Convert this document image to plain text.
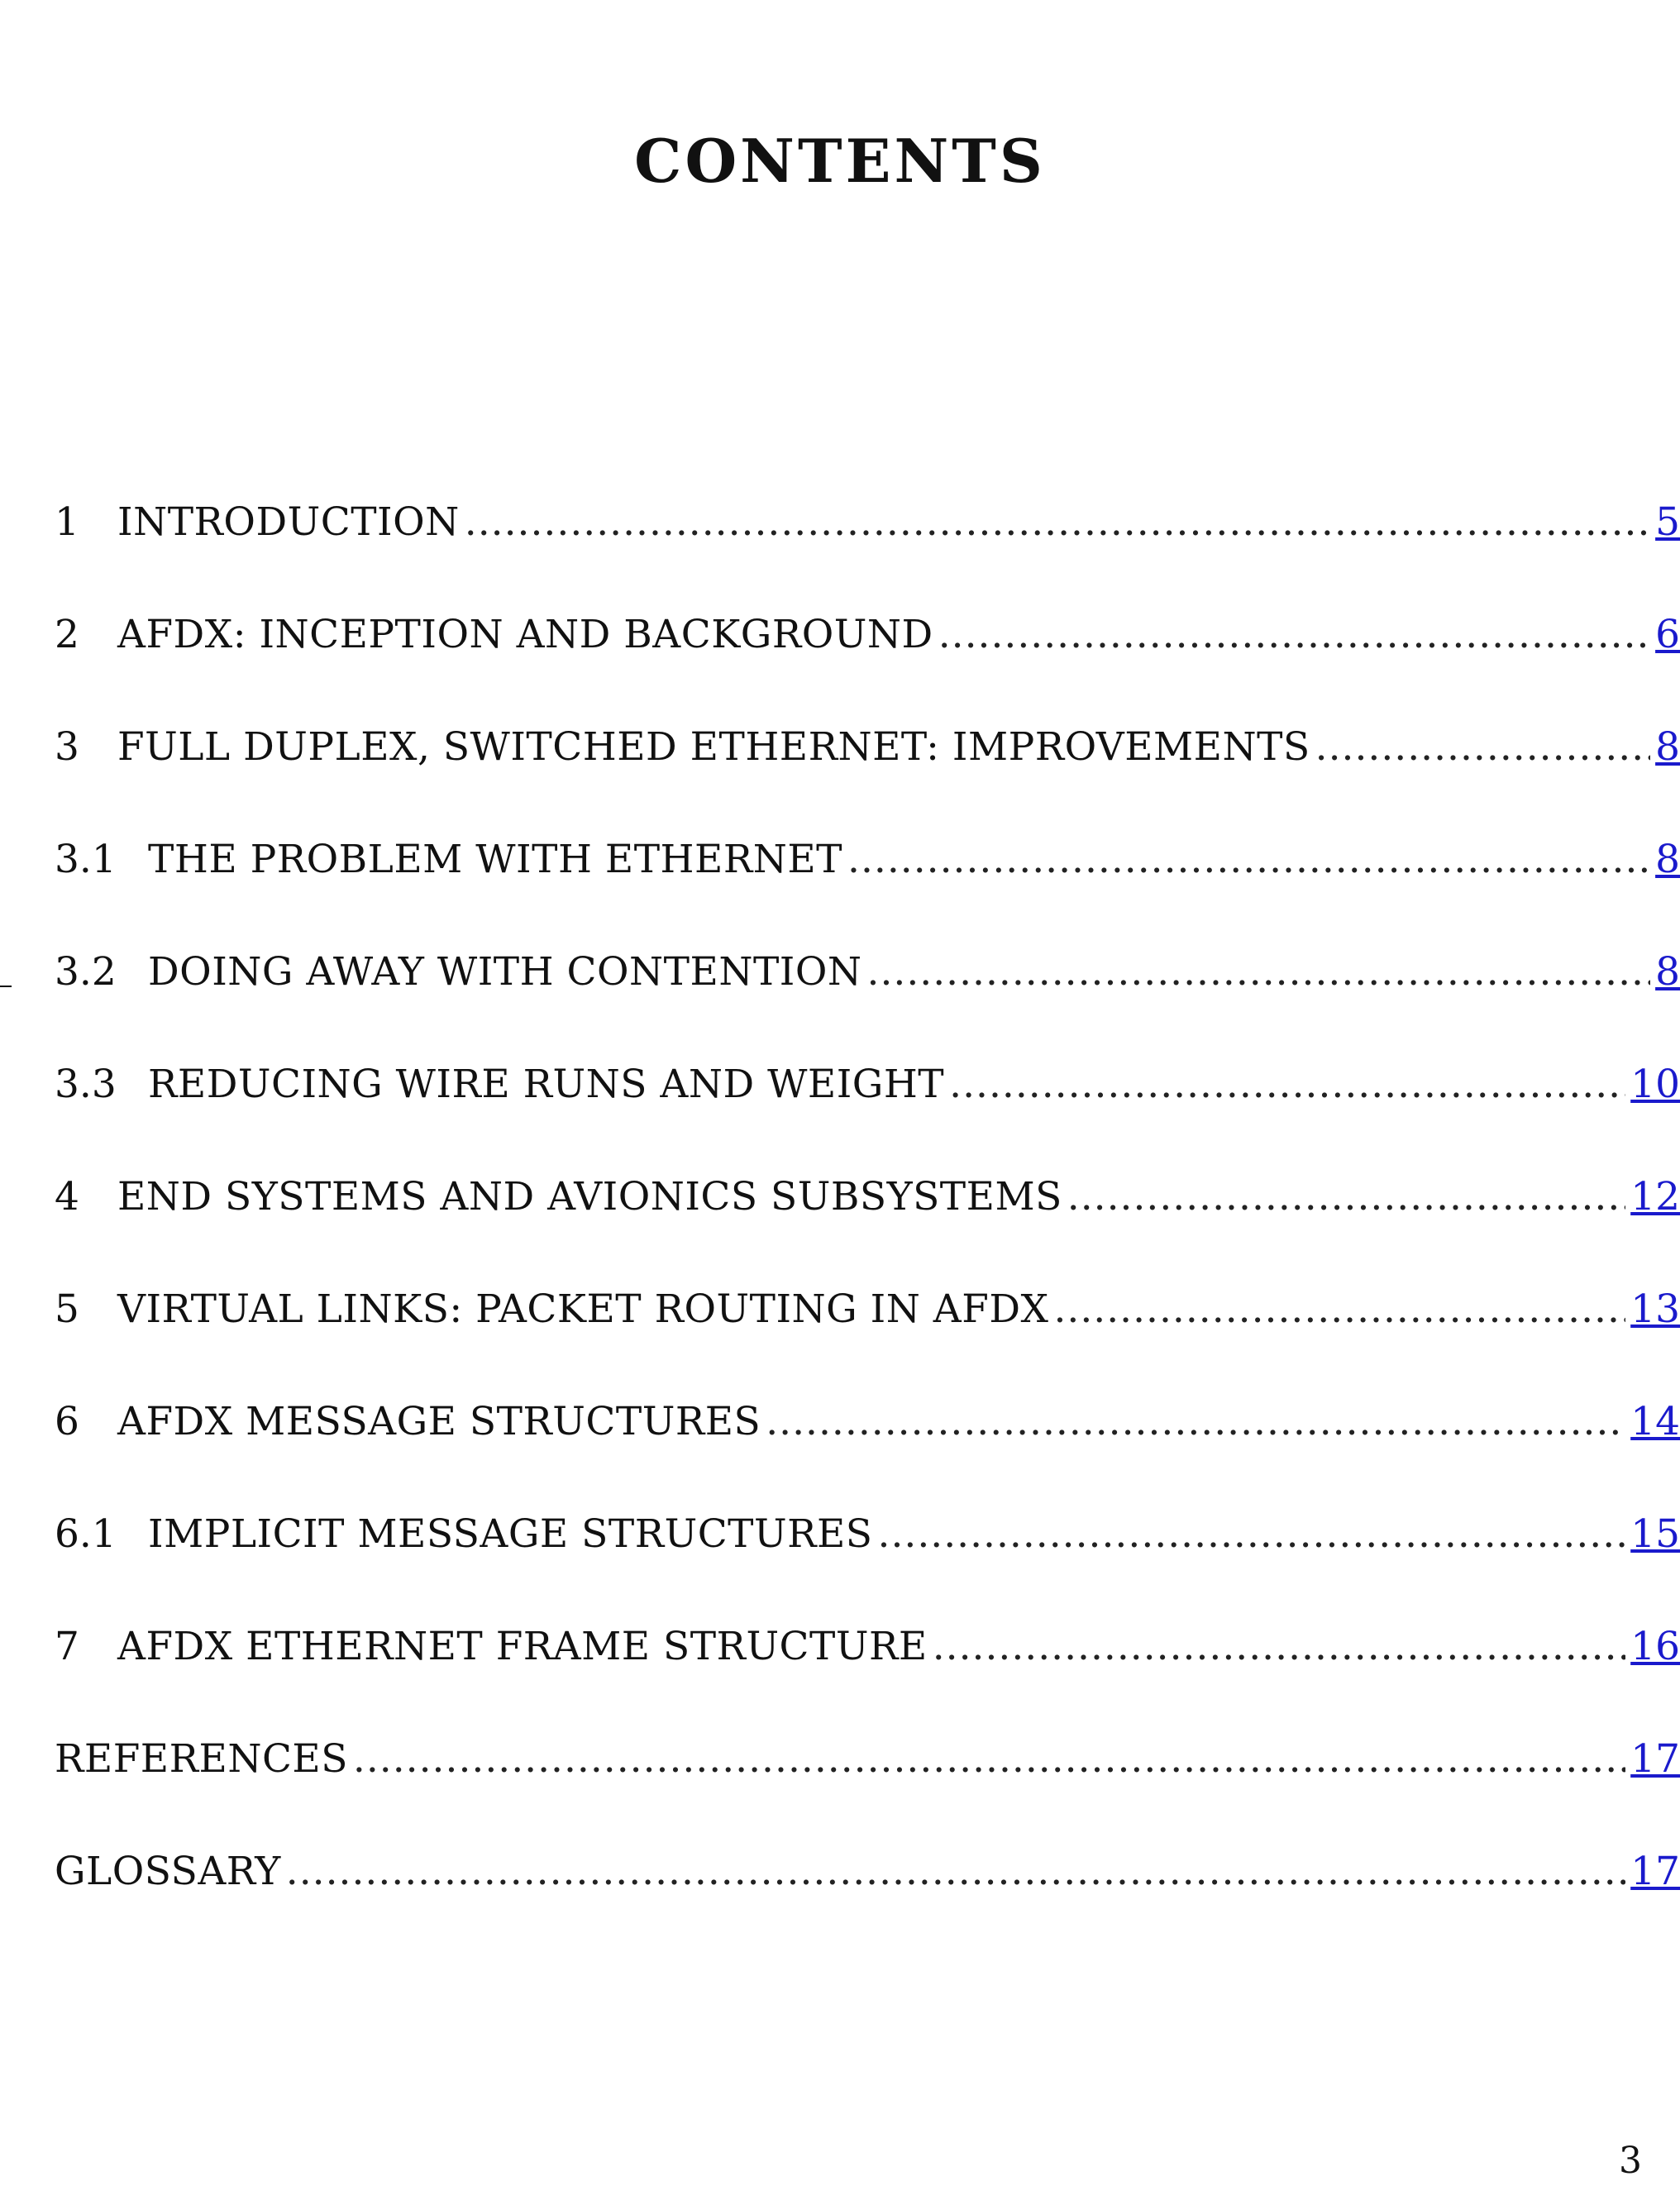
CONTENTS
1 INTRODUCTION .....	5
2 AFDX: INCEPTION AND BACKGROUND .....	6
3 FULL DUPLEX, SWITCHED ETHERNET: IMPROVEMENTS .....	8
3.1 THE PROBLEM WITH ETHERNET .....	8
3.2 DOING AWAY WITH CONTENTION .....	8
3.3 REDUCING WIRE RUNS AND WEIGHT .....	10
4 END SYSTEMS AND AVIONICS SUBSYSTEMS .....	12
5 VIRTUAL LINKS: PACKET ROUTING IN AFDX .....	13
6 AFDX MESSAGE STRUCTURES .....	14
6.1 IMPLICIT MESSAGE STRUCTURES .....	15
7 AFDX ETHERNET FRAME STRUCTURE .....	16
REFERENCES .....	17
GLOSSARY .....	17
3
